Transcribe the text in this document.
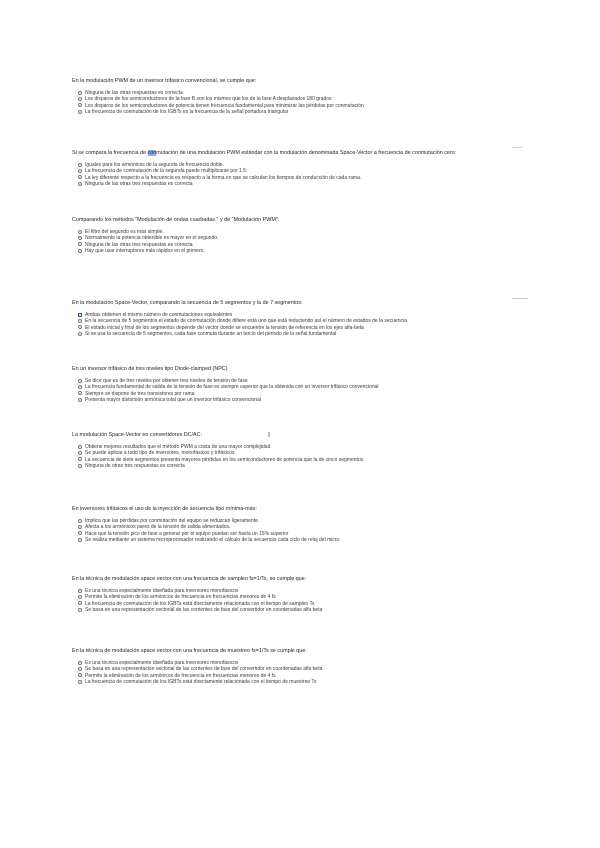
En la modulación PWM de un inversor trifásico convencional, se cumple que:
Ninguna de las otras respuestas es correcta
Los disparos de los semiconductores de la fase B son los mismos que los de la fase A desplazados 180 grados
Los disparos de los semiconductores de potencia tienen frecuencia fundamental para minimizar las pérdidas por conmutación
La frecuencia de conmutación de los IGBTs es la frecuencia de la señal portadora triangular
Si se compara la frecuencia de conmutación de una modulación PWM estándar con la modulación denominada Space-Vector a frecuencia de conmutación cero:
Iguales para los armónicos de la segunda de frecuencia doble.
La frecuencia de conmutación de la segunda puede multiplicarse por 1.5.
La ley diferente respecto a la frecuencia es respecto a la forma en que se calculan los tiempos de conducción de cada rama.
Ninguna de las otras tres respuestas es correcta
Comparando los métodos "Modulación de ondas cuadradas " y de "Modulación PWM":
El filtro del segundo es más simple.
Normalmente la potencia obtenible es mayor en el segundo.
Ninguna de las otras tres respuestas es correcta
Hay que usar interruptores más rápidos en el primero.
En la modulación Space-Vector, comparando la secuencia de 5 segmentos y la de 7 segmentos:
Ambas obtienen el mismo número de conmutaciones equivalentes
En la secuencia de 5 segmentos el estado de conmutación donde difiere está uno que está reduciendo así el número de estados de la secuencia
El estado inicial y final de los segmentos depende del vector donde se encuentre la tensión de referencia en los ejes alfa-beta
Si se usa la secuencia de 5 segmentos, cada fase conmuta durante un tercio del periodo de la señal fundamental
En un inversor trifásico de tres niveles tipo Diode-clamped (NPC)
Se dice que es de tres niveles por obtener tres niveles de tensión de fase
La frecuencia fundamental de salida de la tensión de fase es siempre superior que la obtenida con un inversor trifásico convencional
Siempre se dispone de tres transistores por rama
Presenta mayor distorsión armónica total que un inversor trifásico convencional
La modulación Space-Vector en convertidores DC/AC:
Obtiene mejores resultados que el método PWM a costa de una mayor complejidad
Se puede aplicar a todo tipo de inversores, monofásicos y trifásicos
La secuencia de siete segmentos presenta mayores pérdidas en los semiconductores de potencia que la de cinco segmentos
Ninguna de otras tres respuestas es correcta
En inversores trifásicos el uso de la inyección de secuencia tipo mínima-máx:
Implica que las pérdidas por conmutación del equipo se reduzcan ligeramente.
Afecta a los armónicos pares de la tensión de salida alimentados.
Hace que la tensión pico de fase a generar por el equipo puedan ser hasta un 15% superior
Se realiza mediante un sistema microprocesador realizando el cálculo de la secuencia cada ciclo de reloj del micro.
En la técnica de modulación space vector con una frecuencia de sampleo fs=1/Ts, se cumple que:
Es una técnica especialmente diseñada para inversores monofásicos
Permite la eliminación de los armónicos de frecuencia en frecuencias menores de 4 fs
La frecuencia de conmutación de los IGBTs está directamente relacionada con el tiempo de sampleo Ts
Se basa en una representación vectorial de las corrientes de fase del convertidor en coordenadas alfa beta
En la técnica de modulación space vector con una frecuencia de muestreo fs=1/Ts se cumple que:
Es una técnica especialmente diseñada para inversores monofásicos
Se basa en una representación vectorial de las corrientes de fase del convertidor en coordenadas alfa beta
Permite la eliminación de los armónicos de frecuencia en frecuencias menores de 4 fs
La frecuencia de conmutación de los IGBTs está directamente relacionada con el tiempo de muestreo Ts
I
